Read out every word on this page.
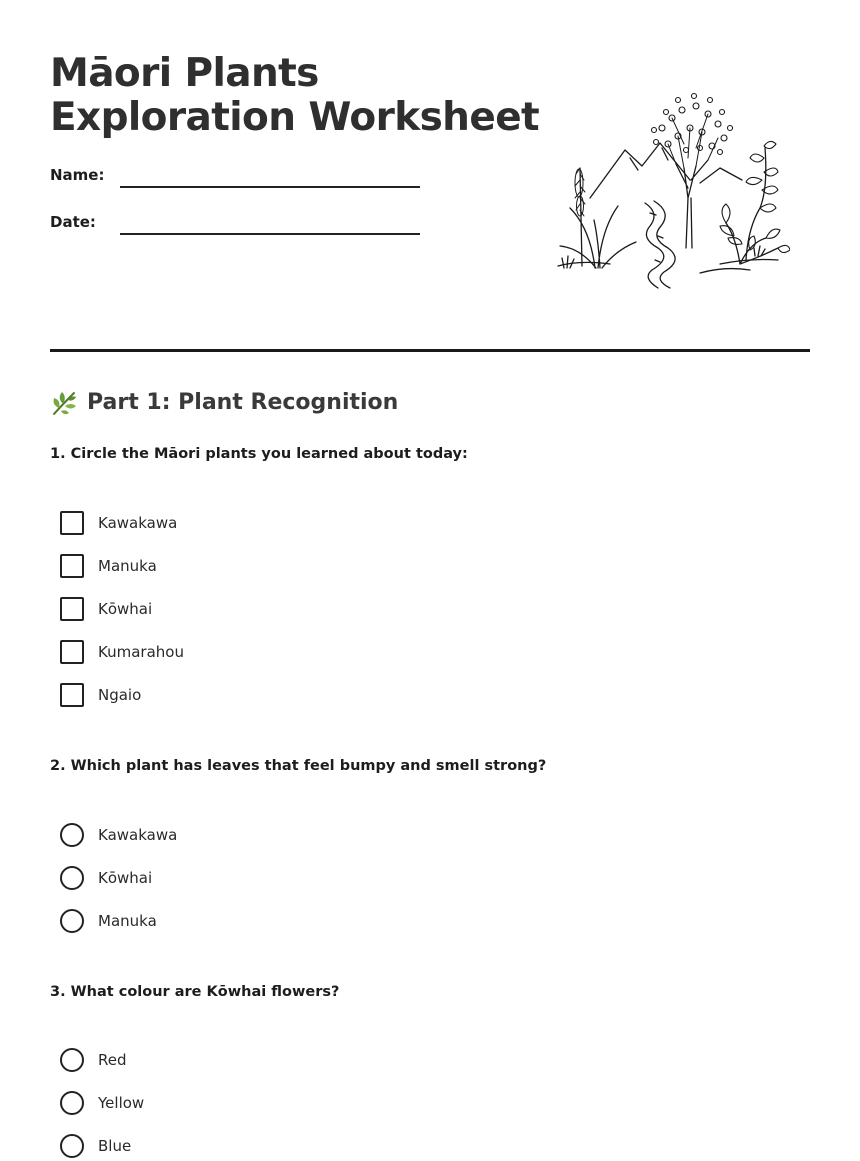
Māori Plants
Exploration Worksheet
Name:
Date:
Part 1: Plant Recognition

1. Circle the Māori plants you learned about today:

Kawakawa
Manuka
Kōwhai
Kumarahou
Ngaio

2. Which plant has leaves that feel bumpy and smell strong?

Kawakawa
Kōwhai
Manuka

3. What colour are Kōwhai flowers?

Red
Yellow
Blue
